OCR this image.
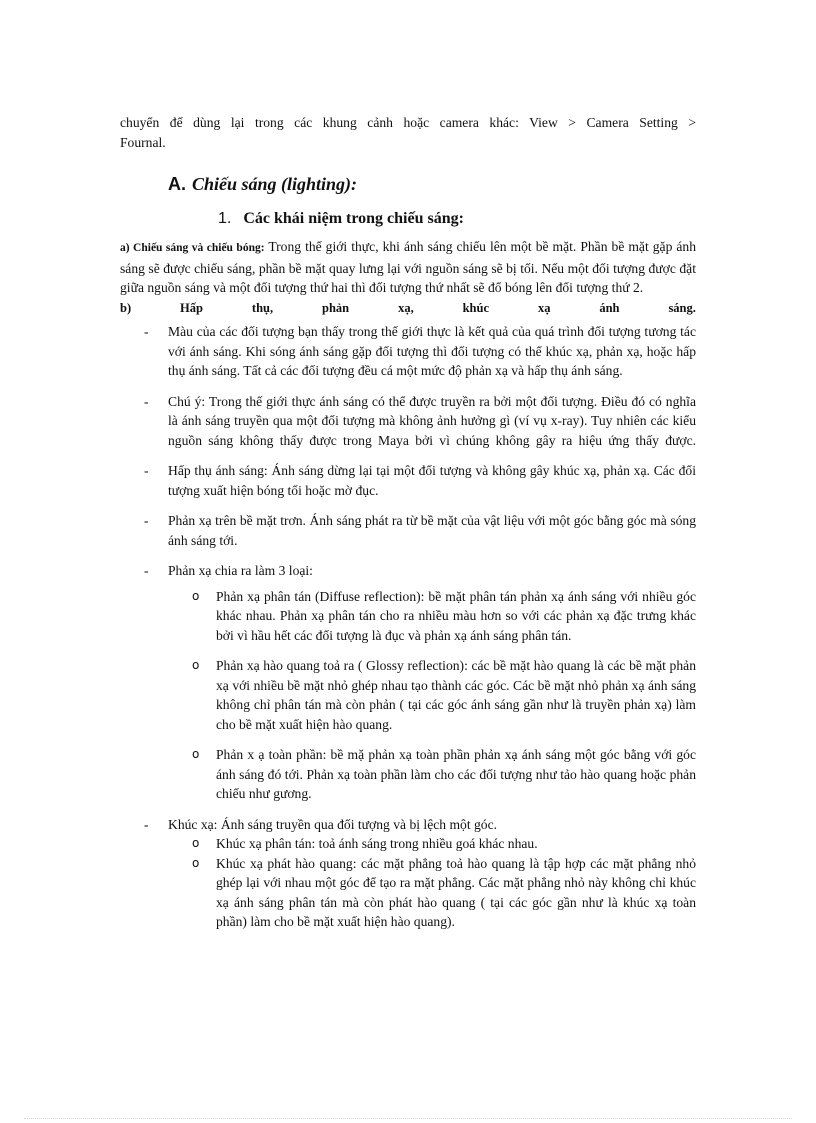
chuyển để dùng lại trong các khung cảnh hoặc camera khác: View > Camera Setting >

Fournal.

A. Chiếu sáng (lighting):
1. Các khái niệm trong chiếu sáng:

a) Chiếu sáng và chiếu bóng: Trong thế giới thực, khi ánh sáng chiếu lên một bề mặt. Phần bề mặt gặp ánh sáng sẽ được chiếu sáng, phần bề mặt quay lưng lại với nguồn sáng sẽ bị tối. Nếu một đối tượng được đặt giữa nguồn sáng và một đối tượng thứ hai thì đối tượng thứ nhất sẽ đổ bóng lên đối tượng thứ 2.

b)	Hấp	thụ,	phản	xạ,	khúc	xạ	ánh	sáng.
- Màu của các đối tượng bạn thấy trong thế giới thực là kết quả của quá trình đối tượng tương tác với ánh sáng. Khi sóng ánh sáng gặp đối tượng thì đối tượng có thể khúc xạ, phản xạ, hoặc hấp thụ ánh sáng. Tất cả các đối tượng đều cá một mức độ phản xạ và hấp thụ ánh sáng.

- Chú ý: Trong thế giới thực ánh sáng có thể được truyền ra bởi một đối tượng. Điều đó có nghĩa là ánh sáng truyền qua một đối tượng mà không ảnh hưởng gì (ví vụ x-ray). Tuy nhiên các kiểu nguồn sáng không thấy được trong Maya bởi vì chúng không gây ra hiệu ứng thấy được.

- Hấp thụ ánh sáng: Ánh sáng dừng lại tại một đối tượng và không gây khúc xạ, phản xạ. Các đối tượng xuất hiện bóng tối hoặc mờ đục.

- Phản xạ trên bề mặt trơn. Ánh sáng phát ra từ bề mặt của vật liệu với một góc bằng góc mà sóng ánh sáng tới.

- Phản xạ chia ra làm 3 loại:

o Phản xạ phân tán (Diffuse reflection): bề mặt phân tán phản xạ ánh sáng với nhiều góc khác nhau. Phản xạ phân tán cho ra nhiều màu hơn so với các phản xạ đặc trưng khác bởi vì hầu hết các đối tượng là đục và phản xạ ánh sáng phân tán.

o Phản xạ hào quang toả ra ( Glossy reflection): các bề mặt hào quang là các bề mặt phản xạ với nhiều bề mặt nhỏ ghép nhau tạo thành các góc. Các bề mặt nhỏ phản xạ ánh sáng không chỉ phân tán mà còn phản ( tại các góc ánh sáng gần như là truyền phản xạ) làm cho bề mặt xuất hiện hào quang.

o Phản x ạ toàn phần: bề mặ phản xạ toàn phần phản xạ ánh sáng một góc bằng với góc ánh sáng đó tới. Phản xạ toàn phần làm cho các đối tượng như tảo hào quang hoặc phản chiếu như gương.

- Khúc xạ: Ánh sáng truyền qua đối tượng và bị lệch một góc.

o Khúc xạ phân tán: toả ánh sáng trong nhiều goá khác nhau.

o Khúc xạ phát hào quang: các mặt phẳng toả hào quang là tập hợp các mặt phẳng nhỏ ghép lại với nhau một góc để tạo ra mặt phẳng. Các mặt phẳng nhỏ này không chỉ khúc xạ ánh sáng phân tán mà còn phát hào quang ( tại các góc gần như là khúc xạ toàn phần) làm cho bề mặt xuất hiện hào quang).
